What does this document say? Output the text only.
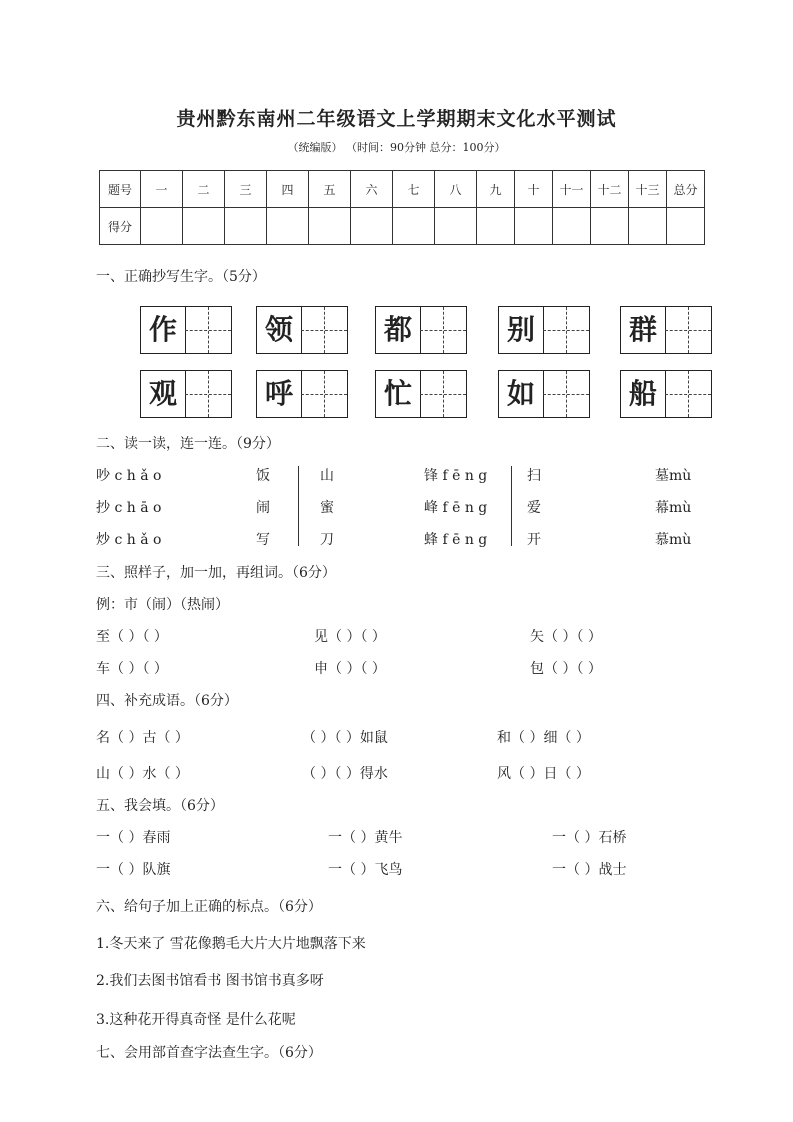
贵州黔东南州二年级语文上学期期末文化水平测试
（统编版） （时间：90分钟 总分：100分）
题号	一	二	三	四	五	六	七	八	九	十	十一	十二	十三	总分
得分														
一、正确抄写生字。（5分）
作	领	都	别	群
观	呼	忙	如	船
二、读一读，连一连。（9分）
吵 c h ǎ o	饭	山	锋 f ē n g	扫	墓mù
抄 c h ā o	闹	蜜	峰 f ē n g	爱	幕mù
炒 c h ǎ o	写	刀	蜂 f ē n g	开	慕mù
三、照样子，加一加，再组词。（6分）
例：市（闹）（热闹）
至（ ）（ ）	见（ ）（ ）	矢（ ）（ ）
车（ ）（ ）	申（ ）（ ）	包（ ）（ ）
四、补充成语。（6分）
名（ ）古（ ）	（ ）（ ）如鼠	和（ ）细（ ）
山（ ）水（ ）	（ ）（ ）得水	风（ ）日（ ）
五、我会填。（6分）
一（ ）春雨	一（ ）黄牛	一（ ）石桥
一（ ）队旗	一（ ）飞鸟	一（ ）战士
六、给句子加上正确的标点。（6分）
1.冬天来了 雪花像鹅毛大片大片地飘落下来
2.我们去图书馆看书 图书馆书真多呀
3.这种花开得真奇怪 是什么花呢
七、会用部首查字法查生字。（6分）
